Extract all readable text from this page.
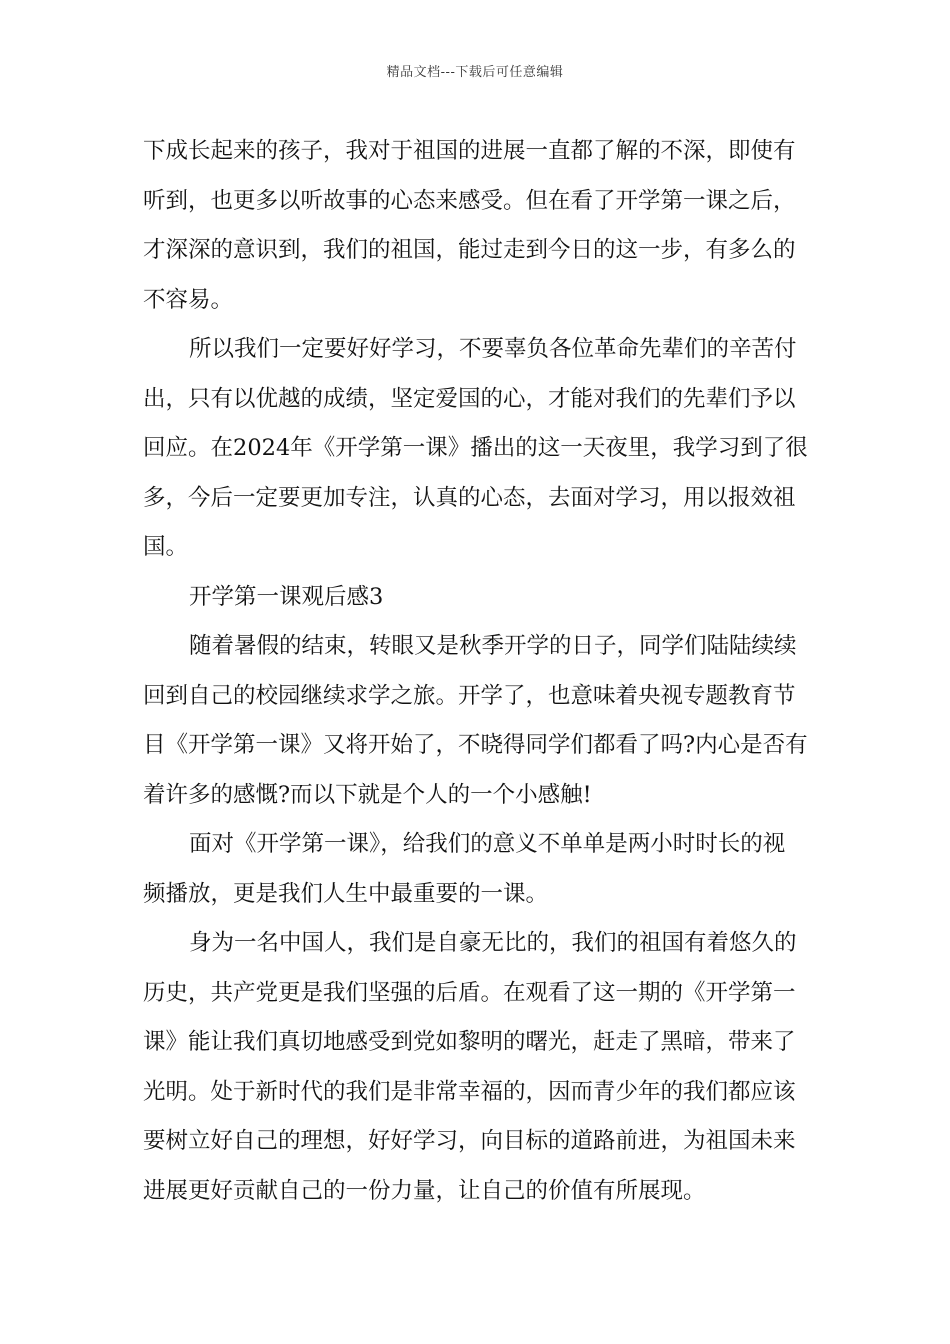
精品文档---下载后可任意编辑
下成长起来的孩子，我对于祖国的进展一直都了解的不深，即使有
听到，也更多以听故事的心态来感受。但在看了开学第一课之后，
才深深的意识到，我们的祖国，能过走到今日的这一步，有多么的
不容易。
所以我们一定要好好学习，不要辜负各位革命先辈们的辛苦付
出，只有以优越的成绩，坚定爱国的心，才能对我们的先辈们予以
回应。在2024年《开学第一课》播出的这一天夜里，我学习到了很
多，今后一定要更加专注，认真的心态，去面对学习，用以报效祖
国。
开学第一课观后感3
随着暑假的结束，转眼又是秋季开学的日子，同学们陆陆续续
回到自己的校园继续求学之旅。开学了，也意味着央视专题教育节
目《开学第一课》又将开始了，不晓得同学们都看了吗?内心是否有
着许多的感慨?而以下就是个人的一个小感触!
面对《开学第一课》，给我们的意义不单单是两小时时长的视
频播放，更是我们人生中最重要的一课。
身为一名中国人，我们是自豪无比的，我们的祖国有着悠久的
历史，共产党更是我们坚强的后盾。在观看了这一期的《开学第一
课》能让我们真切地感受到党如黎明的曙光，赶走了黑暗，带来了
光明。处于新时代的我们是非常幸福的，因而青少年的我们都应该
要树立好自己的理想，好好学习，向目标的道路前进，为祖国未来
进展更好贡献自己的一份力量，让自己的价值有所展现。
